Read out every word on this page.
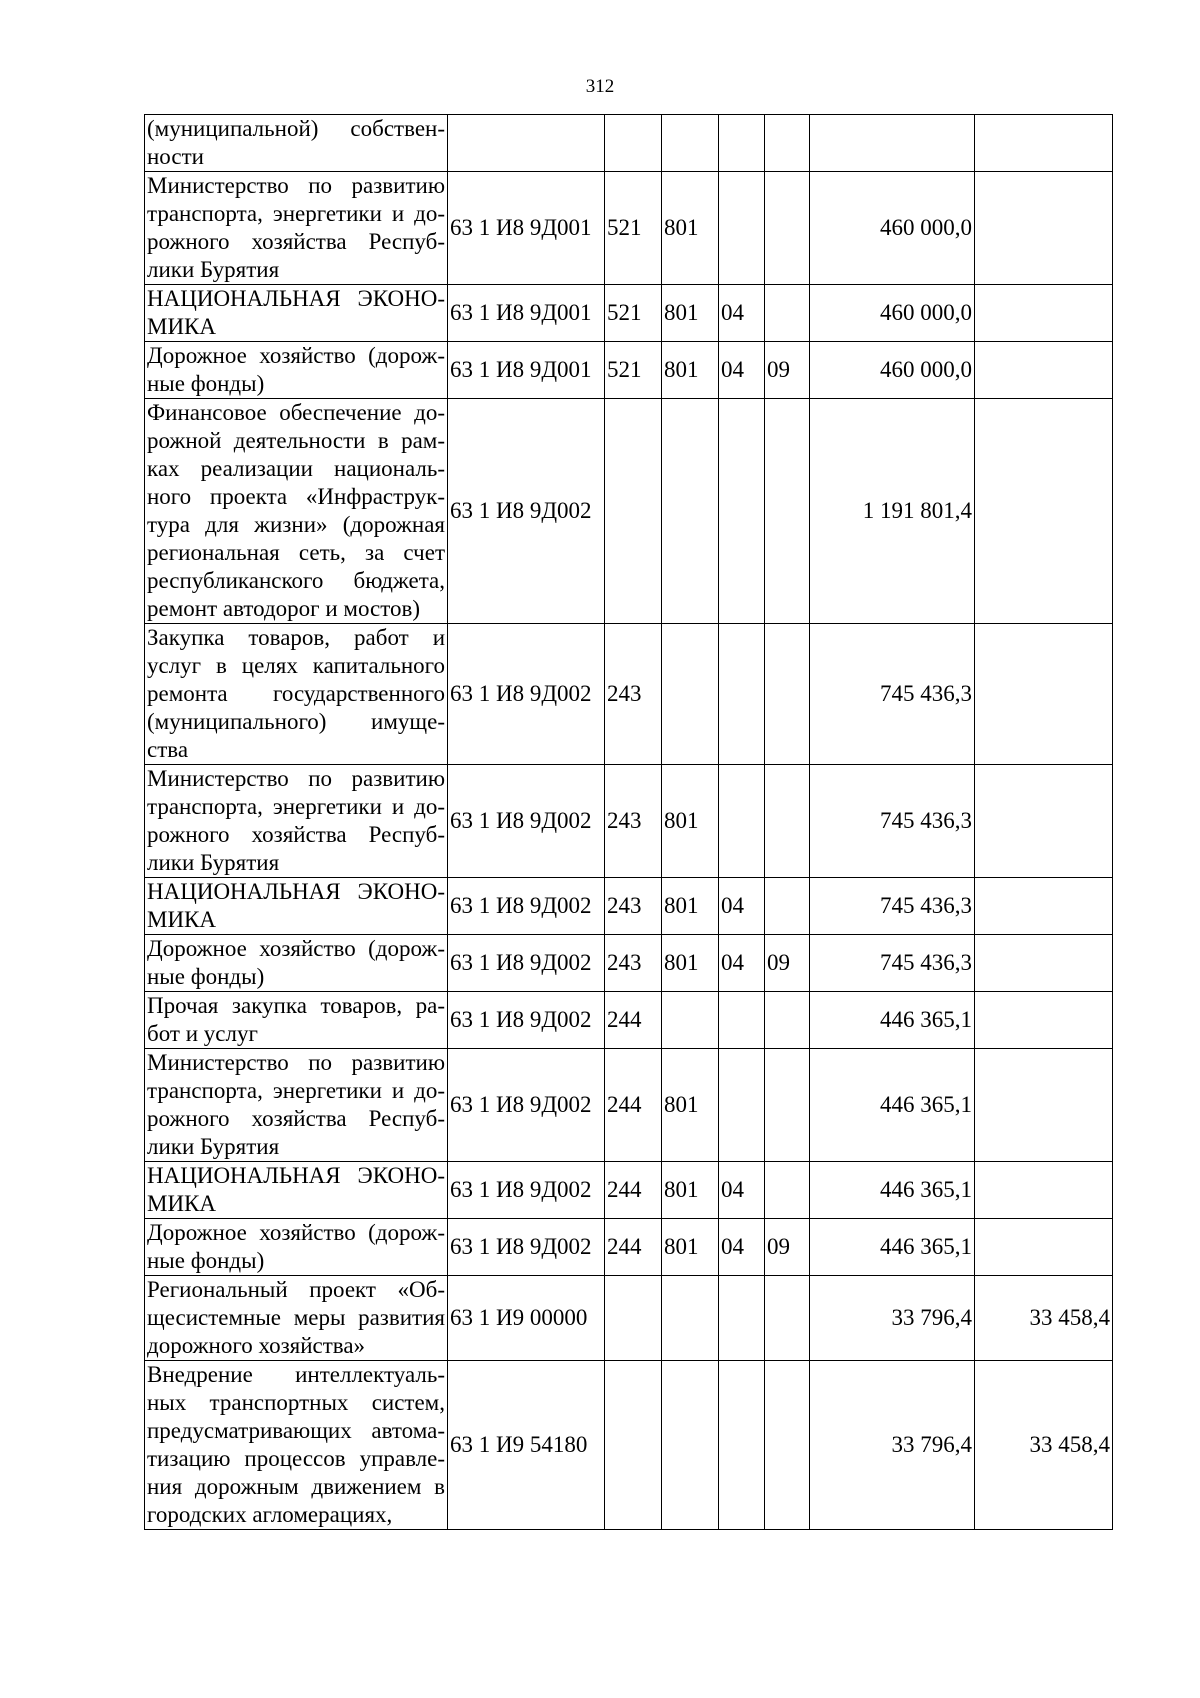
312
(муниципальной) собствен-ности							
Министерство по развитию транспорта, энергетики и до-рожного хозяйства Респуб-лики Бурятия	63 1 И8 9Д001	521	801			460 000,0	
НАЦИОНАЛЬНАЯ ЭКОНО-МИКА	63 1 И8 9Д001	521	801	04		460 000,0	
Дорожное хозяйство (дорож-ные фонды)	63 1 И8 9Д001	521	801	04	09	460 000,0	
Финансовое обеспечение до-рожной деятельности в рам-ках реализации националь-ного проекта «Инфраструк-тура для жизни» (дорожная региональная сеть, за счет республиканского бюджета, ремонт автодорог и мостов)	63 1 И8 9Д002					1 191 801,4	
Закупка товаров, работ и услуг в целях капитального ремонта государственного (муниципального) имуще-ства	63 1 И8 9Д002	243				745 436,3	
Министерство по развитию транспорта, энергетики и до-рожного хозяйства Респуб-лики Бурятия	63 1 И8 9Д002	243	801			745 436,3	
НАЦИОНАЛЬНАЯ ЭКОНО-МИКА	63 1 И8 9Д002	243	801	04		745 436,3	
Дорожное хозяйство (дорож-ные фонды)	63 1 И8 9Д002	243	801	04	09	745 436,3	
Прочая закупка товаров, ра-бот и услуг	63 1 И8 9Д002	244				446 365,1	
Министерство по развитию транспорта, энергетики и до-рожного хозяйства Респуб-лики Бурятия	63 1 И8 9Д002	244	801			446 365,1	
НАЦИОНАЛЬНАЯ ЭКОНО-МИКА	63 1 И8 9Д002	244	801	04		446 365,1	
Дорожное хозяйство (дорож-ные фонды)	63 1 И8 9Д002	244	801	04	09	446 365,1	
Региональный проект «Об-щесистемные меры развития дорожного хозяйства»	63 1 И9 00000					33 796,4	33 458,4
Внедрение интеллектуаль-ных транспортных систем, предусматривающих автома-тизацию процессов управле-ния дорожным движением в городских агломерациях,	63 1 И9 54180					33 796,4	33 458,4
